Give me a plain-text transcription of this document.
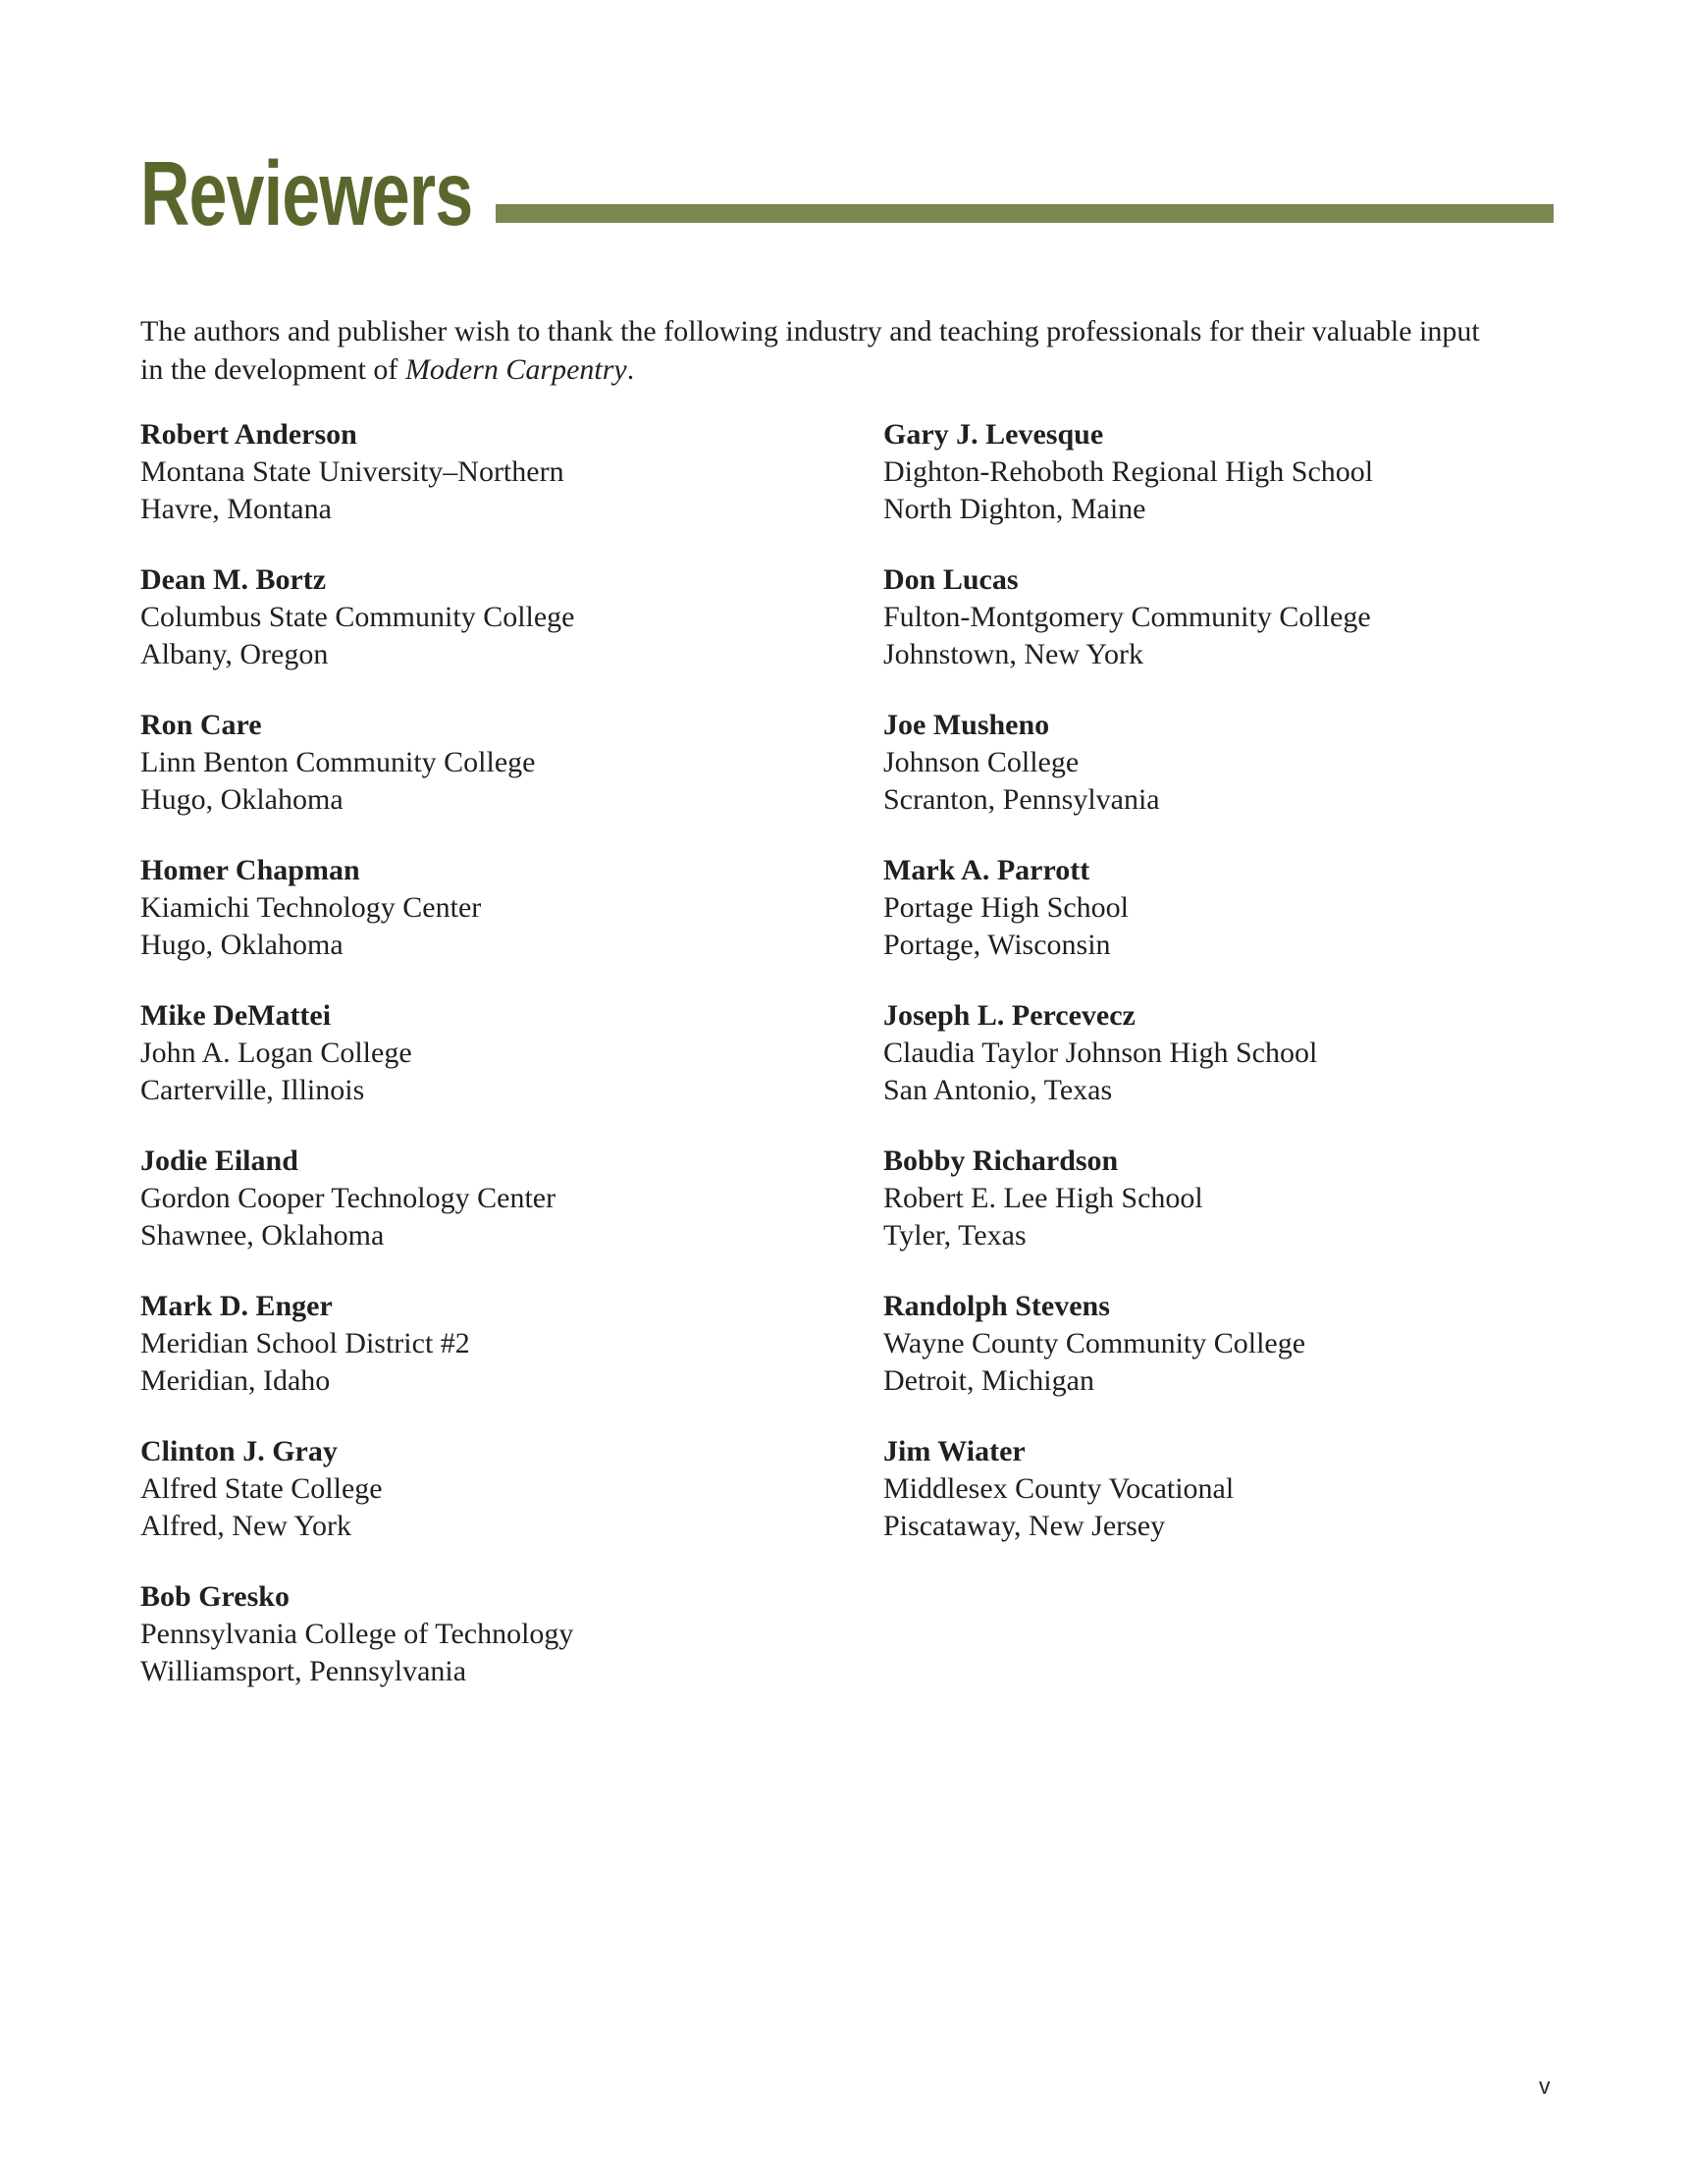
Reviewers

The authors and publisher wish to thank the following industry and teaching professionals for their valuable input
in the development of Modern Carpentry.

Robert Anderson
Montana State University–Northern
Havre, Montana
Dean M. Bortz
Columbus State Community College
Albany, Oregon
Ron Care
Linn Benton Community College
Hugo, Oklahoma
Homer Chapman
Kiamichi Technology Center
Hugo, Oklahoma
Mike DeMattei
John A. Logan College
Carterville, Illinois
Jodie Eiland
Gordon Cooper Technology Center
Shawnee, Oklahoma
Mark D. Enger
Meridian School District #2
Meridian, Idaho
Clinton J. Gray
Alfred State College
Alfred, New York
Bob Gresko
Pennsylvania College of Technology
Williamsport, Pennsylvania
Gary J. Levesque
Dighton-Rehoboth Regional High School
North Dighton, Maine
Don Lucas
Fulton-Montgomery Community College
Johnstown, New York
Joe Musheno
Johnson College
Scranton, Pennsylvania
Mark A. Parrott
Portage High School
Portage, Wisconsin
Joseph L. Percevecz
Claudia Taylor Johnson High School
San Antonio, Texas
Bobby Richardson
Robert E. Lee High School
Tyler, Texas
Randolph Stevens
Wayne County Community College
Detroit, Michigan
Jim Wiater
Middlesex County Vocational
Piscataway, New Jersey
v
